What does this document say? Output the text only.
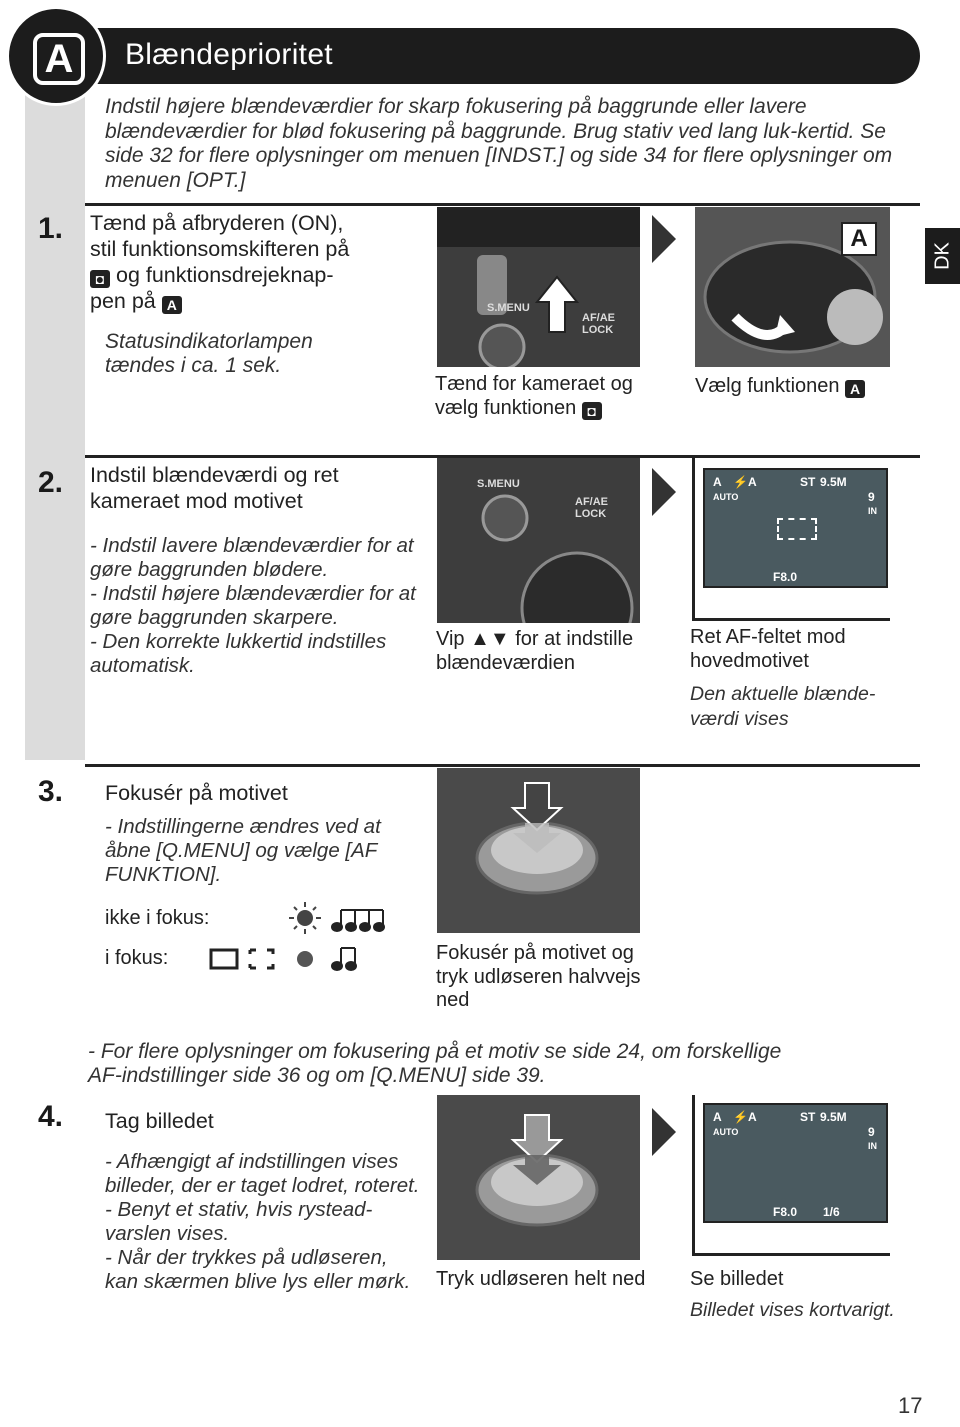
Blændeprioritet
A
DK
Indstil højere blændeværdier for skarp fokusering på baggrunde eller lavere blændeværdier for blød fokusering på baggrunde. Brug stativ ved lang luk-kertid. Se side 32 for flere oplysninger om menuen [INDST.] og side 34 for flere oplysninger om menuen [OPT.]
1. Tænd på afbryderen (ON),
stil funktionsomskifteren på
◘ og funktionsdrejeknap-
pen på A
Statusindikatorlampen tændes i ca. 1 sek.
S.MENU
AF/AE LOCK
A
Tænd for kameraet og vælg funktionen ◘
Vælg funktionen A
2. Indstil blændeværdi og ret kameraet mod motivet
- Indstil lavere blændeværdier for at gøre baggrunden blødere.
- Indstil højere blændeværdier for at gøre baggrunden skarpere.
- Den korrekte lukkertid indstilles automatisk.
S.MENU
AF/AE LOCK
A ⚡A	ST 9.5M
9
IN
AUTO
F8.0
Vip ▲▼ for at indstille blændeværdien
Ret AF-feltet mod hovedmotivet
Den aktuelle blænde-værdi vises
3. Fokusér på motivet
- Indstillingerne ændres ved at åbne [Q.MENU] og vælge [AF FUNKTION].
ikke i fokus:
i fokus:	Fokusér på motivet og tryk udløseren halvvejs ned
- For flere oplysninger om fokusering på et motiv se side 24, om forskellige AF-indstillinger side 36 og om [Q.MENU] side 39.
4. Tag billedet
- Afhængigt af indstillingen vises billeder, der er taget lodret, roteret.
- Benyt et stativ, hvis rystead-varslen vises.
- Når der trykkes på udløseren, kan skærmen blive lys eller mørk.
A ⚡A	ST 9.5M
9
IN
AUTO
F8.0 1/6
Tryk udløseren helt ned	Se billedet
Billedet vises kortvarigt.
17
